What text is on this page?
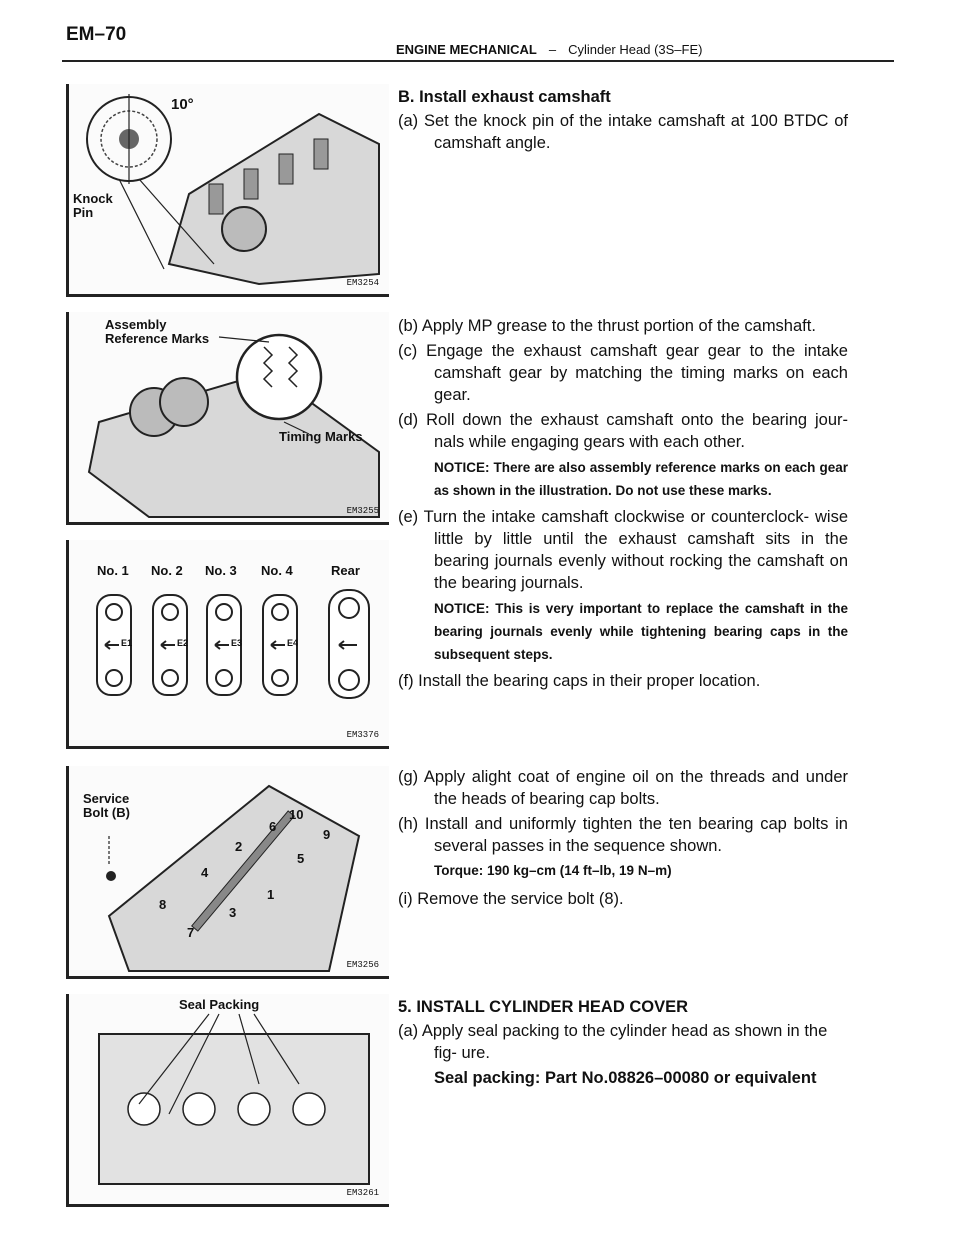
EM–70
ENGINE MECHANICAL – Cylinder Head (3S–FE)
10°
Knock
Pin
EM3254
Assembly
Reference Marks
Timing Marks
EM3255
No. 1 No. 2 No. 3 No. 4	Rear
E1	E2	E3	E4
EM3376
Service
Bolt (B)
1
2
3
4
5
6
7
8
9
10
EM3256
Seal Packing
EM3261

B. Install exhaust camshaft

(a) Set the knock pin of the intake camshaft at 100 BTDC of camshaft angle.

(b) Apply MP grease to the thrust portion of the camshaft.

(c) Engage the exhaust camshaft gear gear to the intake camshaft gear by matching the timing marks on each gear.

(d) Roll down the exhaust camshaft onto the bearing jour- nals while engaging gears with each other.

NOTICE: There are also assembly reference marks on each gear as shown in the illustration. Do not use these marks.

(e) Turn the intake camshaft clockwise or counterclock- wise little by little until the exhaust camshaft sits in the bearing journals evenly without rocking the camshaft on the bearing journals.

NOTICE: This is very important to replace the camshaft in the bearing journals evenly while tightening bearing caps in the subsequent steps.

(f) Install the bearing caps in their proper location.

(g) Apply alight coat of engine oil on the threads and under the heads of bearing cap bolts.

(h) Install and uniformly tighten the ten bearing cap bolts in several passes in the sequence shown.

Torque: 190 kg–cm (14 ft–lb, 19 N–m)

(i) Remove the service bolt (8).

5. INSTALL CYLINDER HEAD COVER

(a) Apply seal packing to the cylinder head as shown in the fig- ure.

Seal packing: Part No.08826–00080 or equivalent
